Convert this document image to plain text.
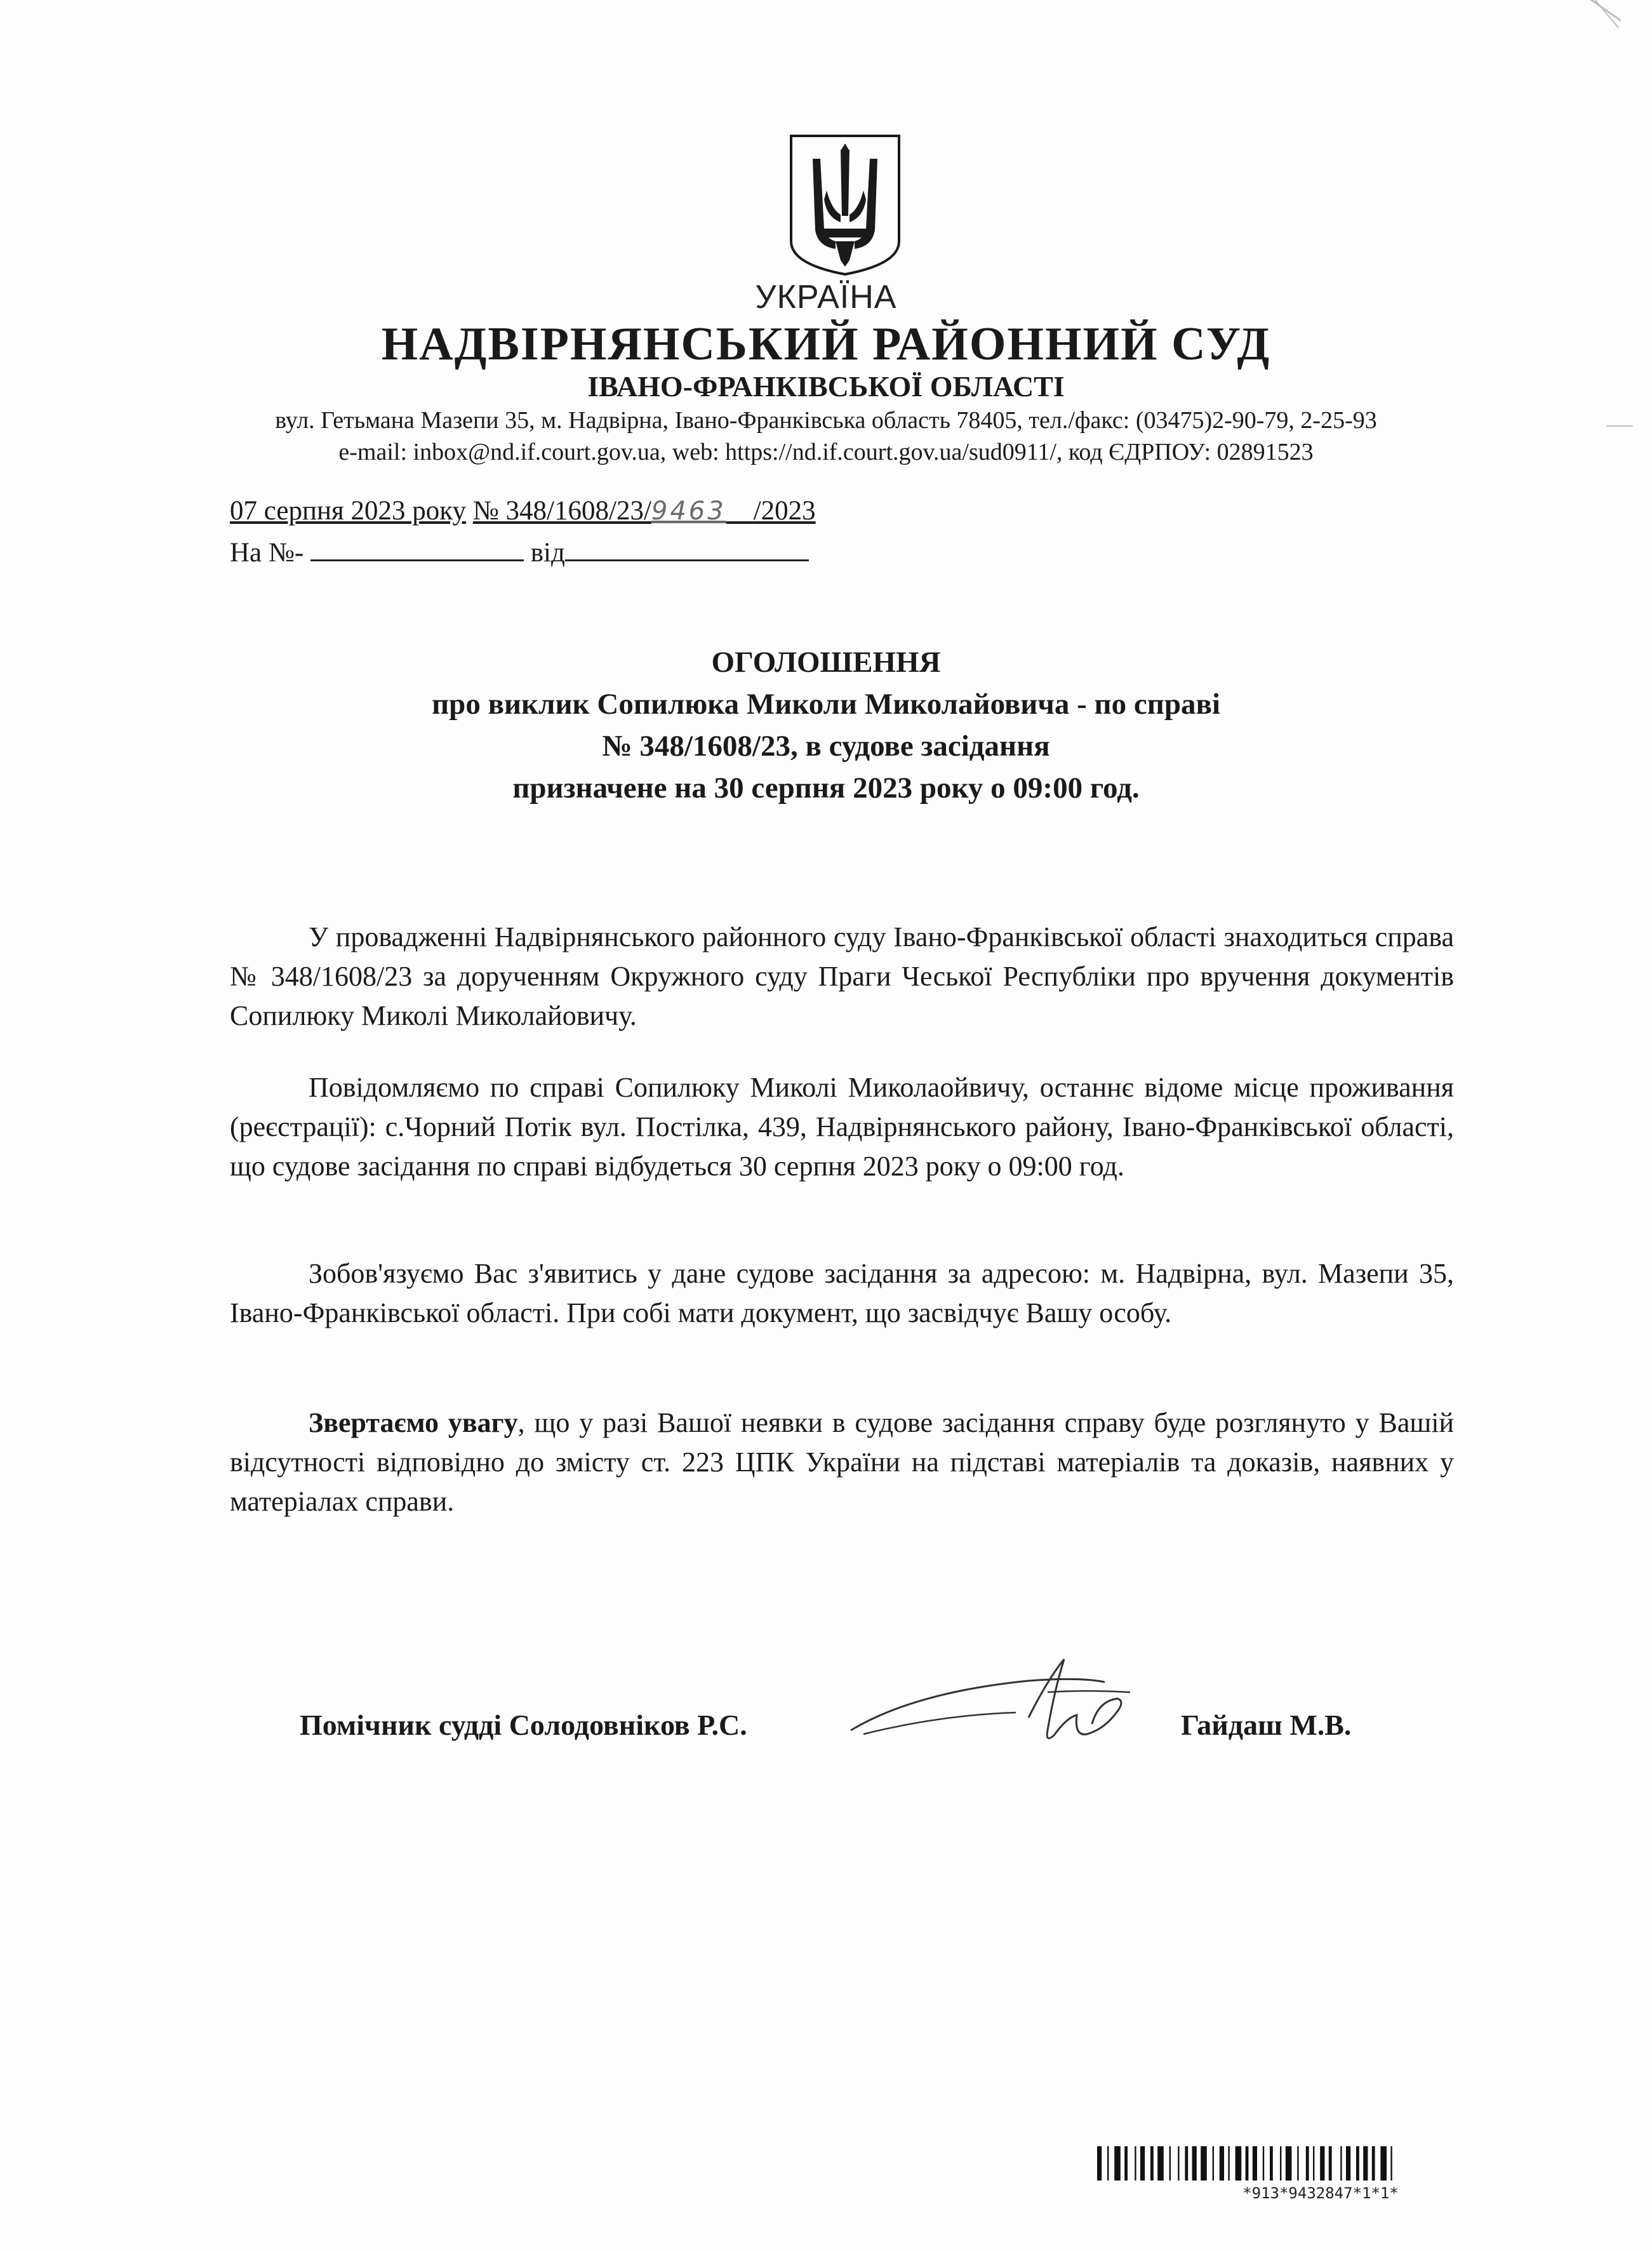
УКРАЇНА
НАДВІРНЯНСЬКИЙ РАЙОННИЙ СУД
ІВАНО-ФРАНКІВСЬКОЇ ОБЛАСТІ
вул. Гетьмана Мазепи 35, м. Надвірна, Івано-Франківська область 78405, тел./факс: (03475)2-90-79, 2-25-93
e-mail: inbox@nd.if.court.gov.ua, web: https://nd.if.court.gov.ua/sud0911/, код ЄДРПОУ: 02891523
07 серпня 2023 року № 348/1608/23/9463 /2023
На №-	від
ОГОЛОШЕННЯ
про виклик Сопилюка Миколи Миколайовича - по справі
№ 348/1608/23, в судове засідання
призначене на 30 серпня 2023 року о 09:00 год.

У провадженні Надвірнянського районного суду Івано-Франківської області знаходиться справа № 348/1608/23 за дорученням Окружного суду Праги Чеської Республіки про вручення документів Сопилюку Миколі Миколайовичу.

Повідомляємо по справі Сопилюку Миколі Миколаойвичу, останнє відоме місце проживання (реєстрації): с.Чорний Потік вул. Постілка, 439, Надвірнянського району, Івано-Франківської області, що судове засідання по справі відбудеться 30 серпня 2023 року о 09:00 год.

Зобов'язуємо Вас з'явитись у дане судове засідання за адресою: м. Надвірна, вул. Мазепи 35, Івано-Франківської області. При собі мати документ, що засвідчує Вашу особу.

Звертаємо увагу, що у разі Вашої неявки в судове засідання справу буде розглянуто у Вашій відсутності відповідно до змісту ст. 223 ЦПК України на підставі матеріалів та доказів, наявних у матеріалах справи.

Помічник судді Солодовніков Р.С.	Гайдаш М.В.
*913*9432847*1*1*
